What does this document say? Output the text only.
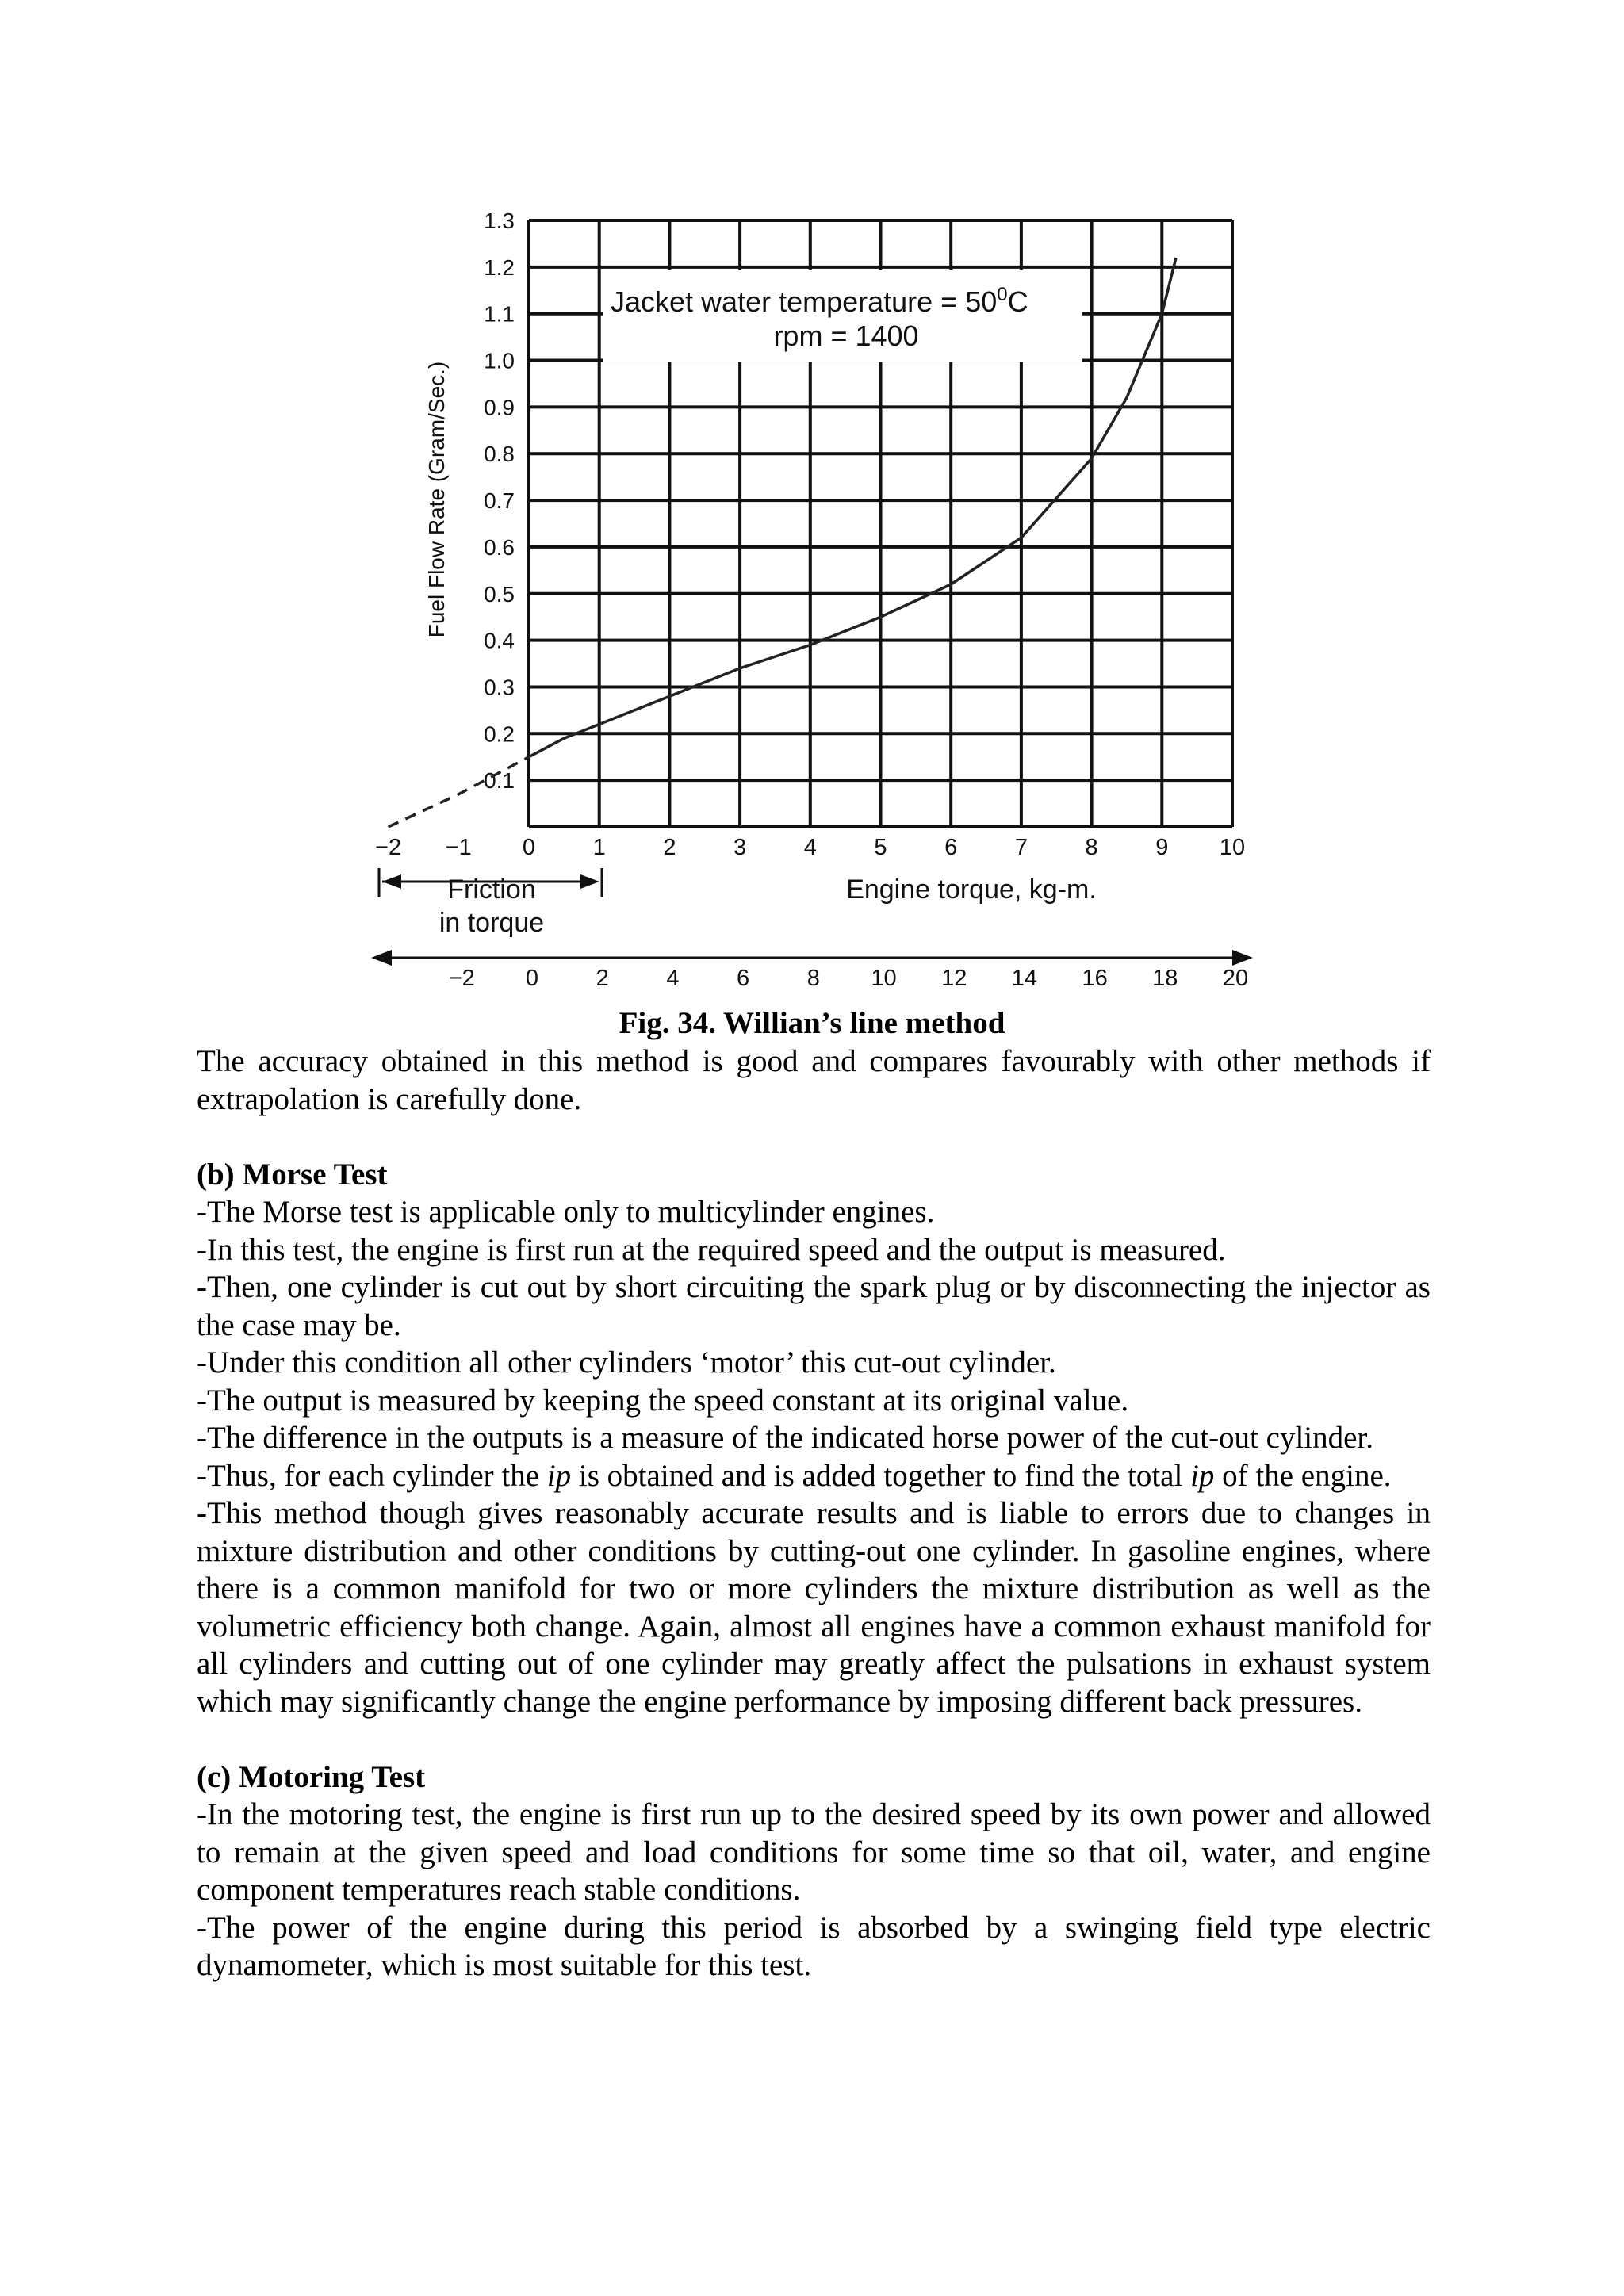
Jacket water temperature = $50^0C$
rpm = 1400
0.1
0.2
0.3
0.4
0.5
0.6
0.7
0.8
0.9
1.0
1.1
1.2
1.3
−2 −1 0	1	2	3	4	5	6	7	8	9 10
Friction
in torque
Engine torque, kg-m.
−2 0	2	4	6	8 10 12 14 16 18 20
Fuel Flow Rate (Gram/Sec.)
Fig. 34. Willian’s line method

The accuracy obtained in this method is good and compares favourably with other methods if extrapolation is carefully done.

(b) Morse Test

-The Morse test is applicable only to multicylinder engines.

-In this test, the engine is first run at the required speed and the output is measured.

-Then, one cylinder is cut out by short circuiting the spark plug or by disconnecting the injector as the case may be.

-Under this condition all other cylinders ‘motor’ this cut-out cylinder.

-The output is measured by keeping the speed constant at its original value.

-The difference in the outputs is a measure of the indicated horse power of the cut-out cylinder.

-Thus, for each cylinder the ip is obtained and is added together to find the total ip of the engine.

-This method though gives reasonably accurate results and is liable to errors due to changes in mixture distribution and other conditions by cutting-out one cylinder. In gasoline engines, where there is a common manifold for two or more cylinders the mixture distribution as well as the volumetric efficiency both change. Again, almost all engines have a common exhaust manifold for all cylinders and cutting out of one cylinder may greatly affect the pulsations in exhaust system which may significantly change the engine performance by imposing different back pressures.

(c) Motoring Test

-In the motoring test, the engine is first run up to the desired speed by its own power and allowed to remain at the given speed and load conditions for some time so that oil, water, and engine component temperatures reach stable conditions.

-The power of the engine during this period is absorbed by a swinging field type electric dynamometer, which is most suitable for this test.
